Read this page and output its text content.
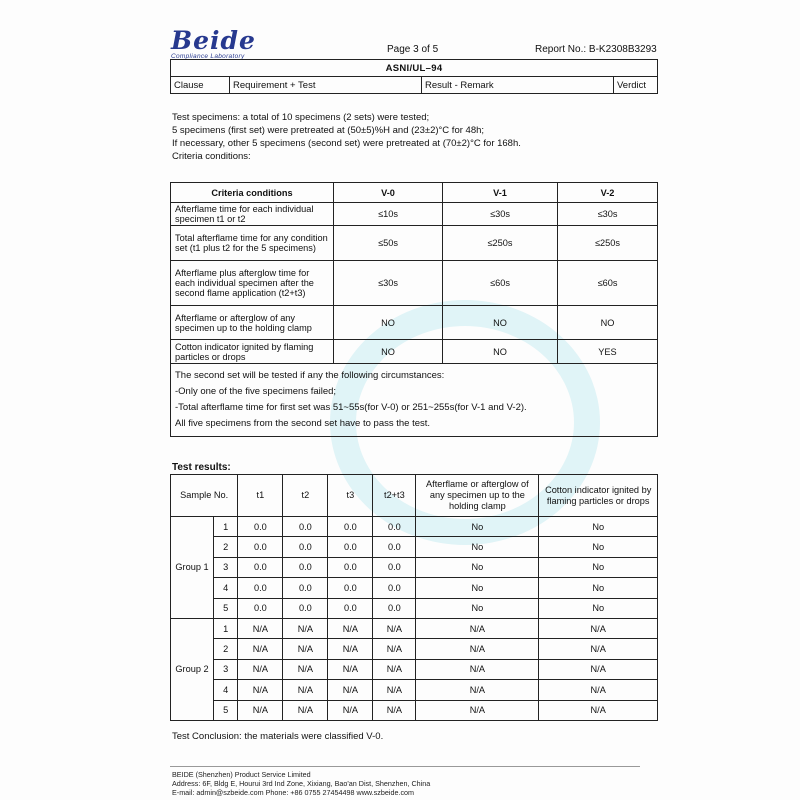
Beide
Compliance Laboratory
Page 3 of 5	Report No.: B-K2308B3293
ASNI/UL–94
Clause	Requirement + Test	Result - Remark	Verdict
Test specimens: a total of 10 specimens (2 sets) were tested;
5 specimens (first set) were pretreated at (50±5)%H and (23±2)°C for 48h;
If necessary, other 5 specimens (second set) were pretreated at (70±2)°C for 168h.
Criteria conditions:
Criteria conditions	V-0	V-1	V-2
Afterflame time for each individual specimen t1 or t2	≤10s	≤30s	≤30s
Total afterflame time for any condition set (t1 plus t2 for the 5 specimens)	≤50s	≤250s	≤250s
Afterflame plus afterglow time for each individual specimen after the second flame application (t2+t3)	≤30s	≤60s	≤60s
Afterflame or afterglow of any specimen up to the holding clamp	NO	NO	NO
Cotton indicator ignited by flaming particles or drops	NO	NO	YES

The second set will be tested if any the following circumstances:
-Only one of the five specimens failed;
-Total afterflame time for first set was 51~55s(for V-0) or 251~255s(for V-1 and V-2).
All five specimens from the second set have to pass the test.			
Test results:
Sample No.		t1	t2	t3	t2+t3	Afterflame or afterglow of any specimen up to the holding clamp	Cotton indicator ignited by flaming particles or drops
Group 1	1	0.0	0.0	0.0	0.0	No	No
	2	0.0	0.0	0.0	0.0	No	No
	3	0.0	0.0	0.0	0.0	No	No
	4	0.0	0.0	0.0	0.0	No	No
	5	0.0	0.0	0.0	0.0	No	No
Group 2	1	N/A	N/A	N/A	N/A	N/A	N/A
	2	N/A	N/A	N/A	N/A	N/A	N/A
	3	N/A	N/A	N/A	N/A	N/A	N/A
	4	N/A	N/A	N/A	N/A	N/A	N/A
	5	N/A	N/A	N/A	N/A	N/A	N/A
Test Conclusion: the materials were classified V-0.
BEIDE (Shenzhen) Product Service Limited
Address: 6F, Bldg E, Hourui 3rd Ind Zone, Xixiang, Bao'an Dist, Shenzhen, China
E-mail: admin@szbeide.com Phone: +86 0755 27454498 www.szbeide.com
